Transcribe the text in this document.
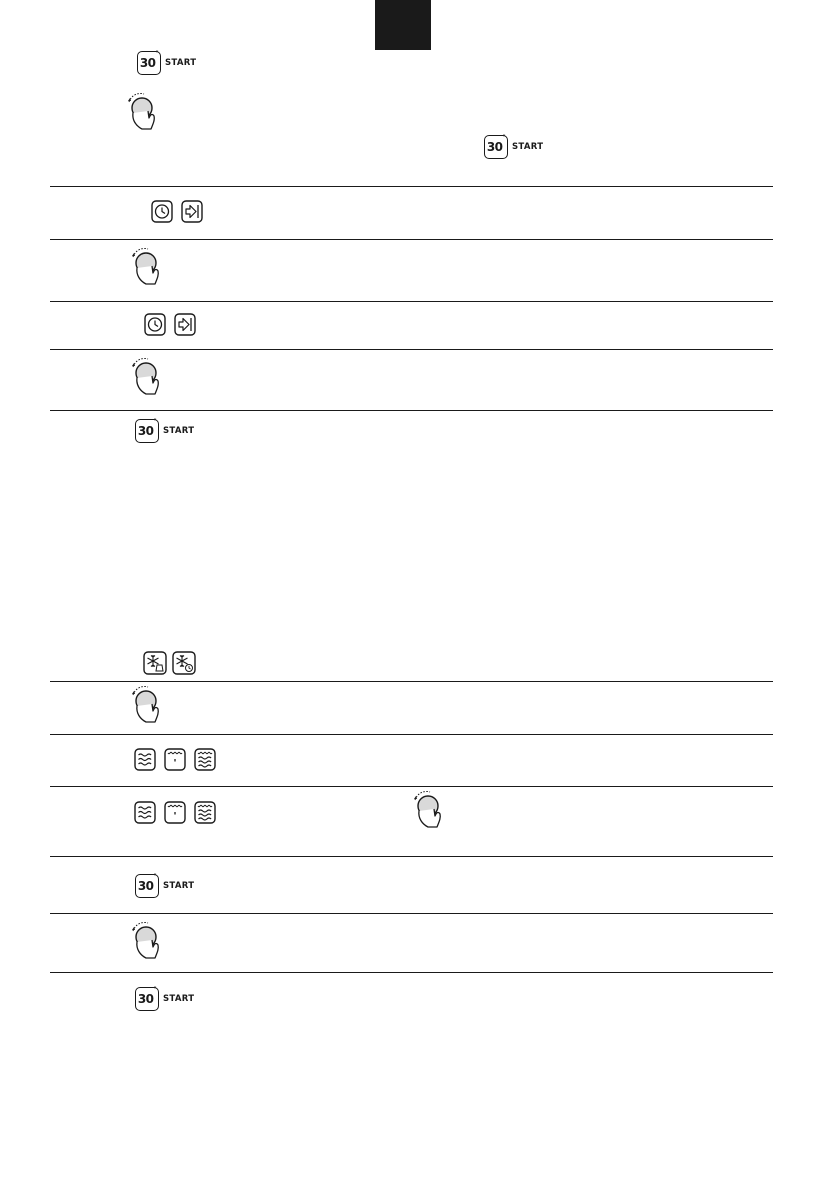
30
"
START
30
"
START
30
"
START
30
"
START
30
"
START
